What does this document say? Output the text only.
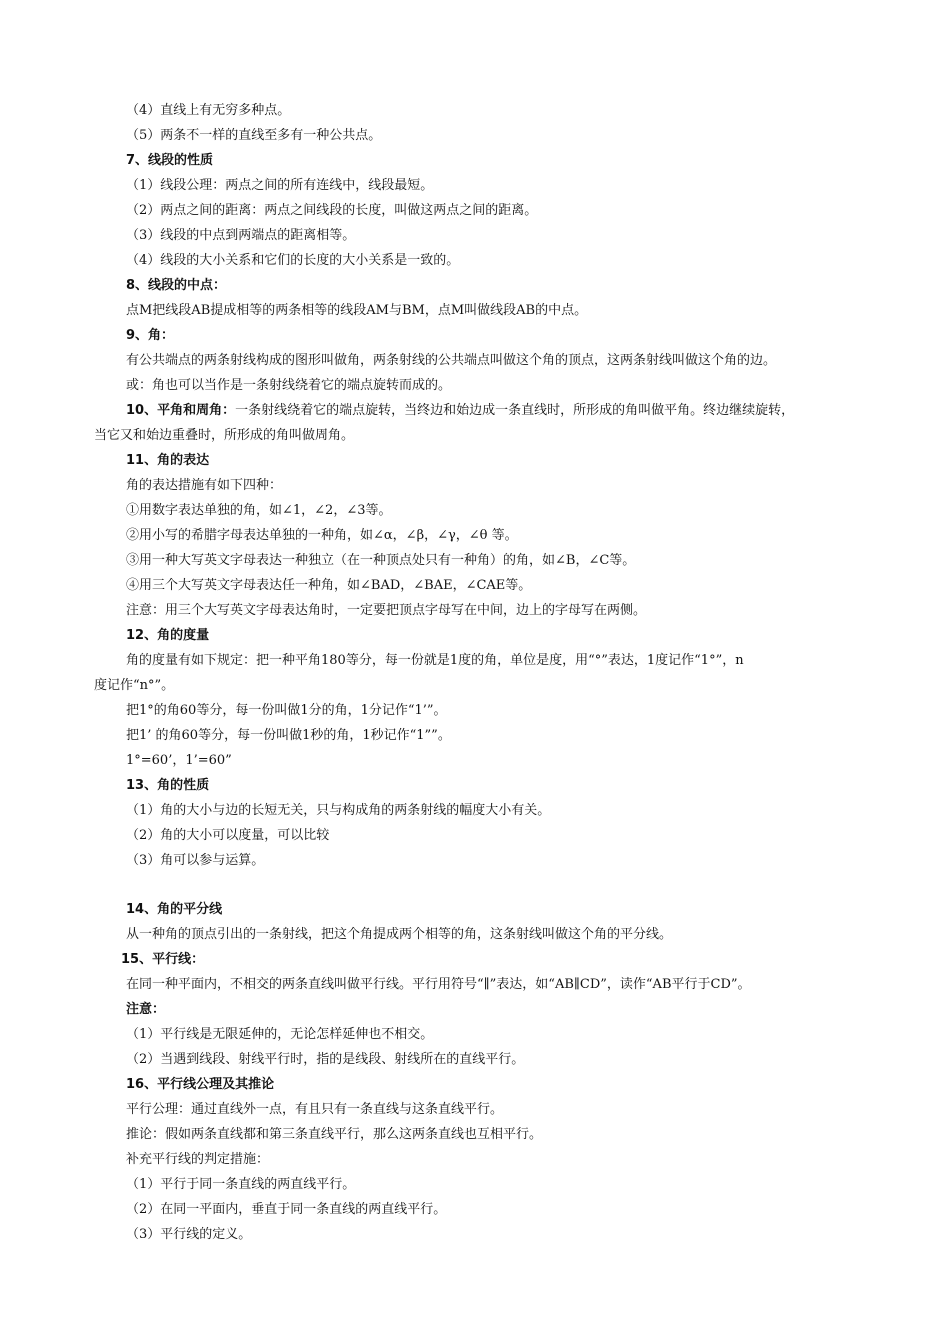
（4）直线上有无穷多种点。
（5）两条不一样的直线至多有一种公共点。
7、线段的性质
（1）线段公理：两点之间的所有连线中，线段最短。
（2）两点之间的距离：两点之间线段的长度，叫做这两点之间的距离。
（3）线段的中点到两端点的距离相等。
（4）线段的大小关系和它们的长度的大小关系是一致的。
8、线段的中点：
点M把线段AB提成相等的两条相等的线段AM与BM，点M叫做线段AB的中点。
9、角：
有公共端点的两条射线构成的图形叫做角，两条射线的公共端点叫做这个角的顶点，这两条射线叫做这个角的边。
或：角也可以当作是一条射线绕着它的端点旋转而成的。
10、平角和周角：一条射线绕着它的端点旋转，当终边和始边成一条直线时，所形成的角叫做平角。终边继续旋转，
当它又和始边重叠时，所形成的角叫做周角。
11、角的表达
角的表达措施有如下四种：
①用数字表达单独的角，如∠1，∠2，∠3等。
②用小写的希腊字母表达单独的一种角，如∠α，∠β，∠γ，∠θ 等。
③用一种大写英文字母表达一种独立（在一种顶点处只有一种角）的角，如∠B，∠C等。
④用三个大写英文字母表达任一种角，如∠BAD，∠BAE，∠CAE等。
注意：用三个大写英文字母表达角时，一定要把顶点字母写在中间，边上的字母写在两侧。
12、角的度量
角的度量有如下规定：把一种平角180等分，每一份就是1度的角，单位是度，用“°”表达，1度记作“1°”，n
度记作“n°”。
把1°的角60等分，每一份叫做1分的角，1分记作“1’”。
把1’ 的角60等分，每一份叫做1秒的角，1秒记作“1””。
1°=60’，1’=60”
13、角的性质
（1）角的大小与边的长短无关，只与构成角的两条射线的幅度大小有关。
（2）角的大小可以度量，可以比较
（3）角可以参与运算。
14、角的平分线
从一种角的顶点引出的一条射线，把这个角提成两个相等的角，这条射线叫做这个角的平分线。
15、平行线：
在同一种平面内，不相交的两条直线叫做平行线。平行用符号“∥”表达，如“AB∥CD”，读作“AB平行于CD”。
注意：
（1）平行线是无限延伸的，无论怎样延伸也不相交。
（2）当遇到线段、射线平行时，指的是线段、射线所在的直线平行。
16、平行线公理及其推论
平行公理：通过直线外一点，有且只有一条直线与这条直线平行。
推论：假如两条直线都和第三条直线平行，那么这两条直线也互相平行。
补充平行线的判定措施：
（1）平行于同一条直线的两直线平行。
（2）在同一平面内，垂直于同一条直线的两直线平行。
（3）平行线的定义。
